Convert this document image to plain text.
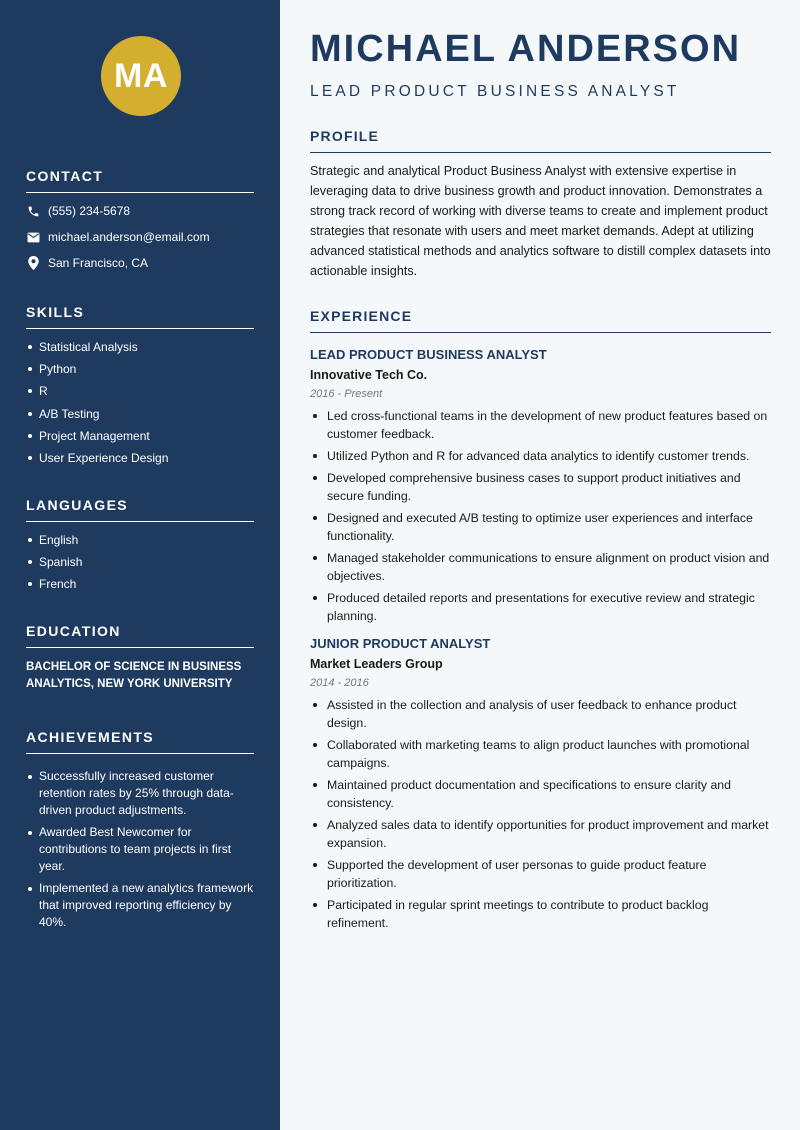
MA
CONTACT
(555) 234-5678
michael.anderson@email.com
San Francisco, CA
SKILLS
Statistical Analysis
Python
R
A/B Testing
Project Management
User Experience Design
LANGUAGES
English
Spanish
French
EDUCATION
BACHELOR OF SCIENCE IN BUSINESS ANALYTICS, NEW YORK UNIVERSITY
ACHIEVEMENTS
Successfully increased customer retention rates by 25% through data-driven product adjustments.
Awarded Best Newcomer for contributions to team projects in first year.
Implemented a new analytics framework that improved reporting efficiency by 40%.
MICHAEL ANDERSON
LEAD PRODUCT BUSINESS ANALYST
PROFILE

Strategic and analytical Product Business Analyst with extensive expertise in leveraging data to drive business growth and product innovation. Demonstrates a strong track record of working with diverse teams to create and implement product strategies that resonate with users and meet market demands. Adept at utilizing advanced statistical methods and analytics software to distill complex datasets into actionable insights.

EXPERIENCE
LEAD PRODUCT BUSINESS ANALYST
Innovative Tech Co.
2016 - Present
Led cross-functional teams in the development of new product features based on customer feedback.
Utilized Python and R for advanced data analytics to identify customer trends.
Developed comprehensive business cases to support product initiatives and secure funding.
Designed and executed A/B testing to optimize user experiences and interface functionality.
Managed stakeholder communications to ensure alignment on product vision and objectives.
Produced detailed reports and presentations for executive review and strategic planning.
JUNIOR PRODUCT ANALYST
Market Leaders Group
2014 - 2016
Assisted in the collection and analysis of user feedback to enhance product design.
Collaborated with marketing teams to align product launches with promotional campaigns.
Maintained product documentation and specifications to ensure clarity and consistency.
Analyzed sales data to identify opportunities for product improvement and market expansion.
Supported the development of user personas to guide product feature prioritization.
Participated in regular sprint meetings to contribute to product backlog refinement.
